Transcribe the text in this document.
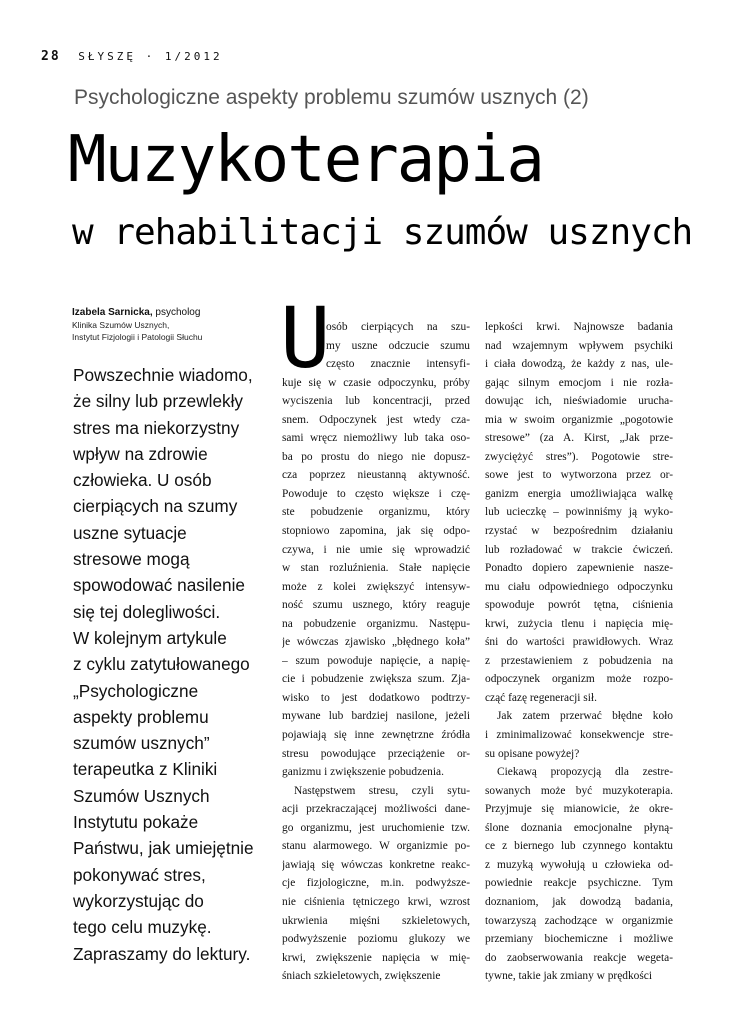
28 SŁYSZĘ · 1/2012
Psychologiczne aspekty problemu szumów usznych (2)
Muzykoterapia
w rehabilitacji szumów usznych
Izabela Sarnicka, psycholog
Klinika Szumów Usznych,
Instytut Fizjologii i Patologii Słuchu
Powszechnie wiadomo,
że silny lub przewlekły
stres ma niekorzystny
wpływ na zdrowie
człowieka. U osób
cierpiących na szumy
uszne sytuacje
stresowe mogą
spowodować nasilenie
się tej dolegliwości.
W kolejnym artykule
z cyklu zatytułowanego
„Psychologiczne
aspekty problemu
szumów usznych”
terapeutka z Kliniki
Szumów Usznych
Instytutu pokaże
Państwu, jak umiejętnie
pokonywać stres,
wykorzystując do
tego celu muzykę.
Zapraszamy do lektury.
U
osób cierpiących na szu-
my uszne odczucie szumu
często znacznie intensyfi-
kuje się w czasie odpoczynku, próby
wyciszenia lub koncentracji, przed
snem. Odpoczynek jest wtedy cza-
sami wręcz niemożliwy lub taka oso-
ba po prostu do niego nie dopusz-
cza poprzez nieustanną aktywność.
Powoduje to często większe i czę-
ste pobudzenie organizmu, który
stopniowo zapomina, jak się odpo-
czywa, i nie umie się wprowadzić
w stan rozluźnienia. Stałe napięcie
może z kolei zwiększyć intensyw-
ność szumu usznego, który reaguje
na pobudzenie organizmu. Następu-
je wówczas zjawisko „błędnego koła”
– szum powoduje napięcie, a napię-
cie i pobudzenie zwiększa szum. Zja-
wisko to jest dodatkowo podtrzy-
mywane lub bardziej nasilone, jeżeli
pojawiają się inne zewnętrzne źródła
stresu powodujące przeciążenie or-
ganizmu i zwiększenie pobudzenia.
Następstwem stresu, czyli sytu-
acji przekraczającej możliwości dane-
go organizmu, jest uruchomienie tzw.
stanu alarmowego. W organizmie po-
jawiają się wówczas konkretne reakc-
cje fizjologiczne, m.in. podwyższe-
nie ciśnienia tętniczego krwi, wzrost
ukrwienia mięśni szkieletowych,
podwyższenie poziomu glukozy we
krwi, zwiększenie napięcia w mię-
śniach szkieletowych, zwiększenie
lepkości krwi. Najnowsze badania
nad wzajemnym wpływem psychiki
i ciała dowodzą, że każdy z nas, ule-
gając silnym emocjom i nie rozła-
dowując ich, nieświadomie urucha-
mia w swoim organizmie „pogotowie
stresowe” (za A. Kirst, „Jak prze-
zwyciężyć stres”). Pogotowie stre-
sowe jest to wytworzona przez or-
ganizm energia umożliwiająca walkę
lub ucieczkę – powinniśmy ją wyko-
rzystać w bezpośrednim działaniu
lub rozładować w trakcie ćwiczeń.
Ponadto dopiero zapewnienie nasze-
mu ciału odpowiedniego odpoczynku
spowoduje powrót tętna, ciśnienia
krwi, zużycia tlenu i napięcia mię-
śni do wartości prawidłowych. Wraz
z przestawieniem z pobudzenia na
odpoczynek organizm może rozpo-
cząć fazę regeneracji sił.
Jak zatem przerwać błędne koło
i zminimalizować konsekwencje stre-
su opisane powyżej?
Ciekawą propozycją dla zestre-
sowanych może być muzykoterapia.
Przyjmuje się mianowicie, że okre-
ślone doznania emocjonalne płyną-
ce z biernego lub czynnego kontaktu
z muzyką wywołują u człowieka od-
powiednie reakcje psychiczne. Tym
doznaniom, jak dowodzą badania,
towarzyszą zachodzące w organizmie
przemiany biochemiczne i możliwe
do zaobserwowania reakcje wegeta-
tywne, takie jak zmiany w prędkości
